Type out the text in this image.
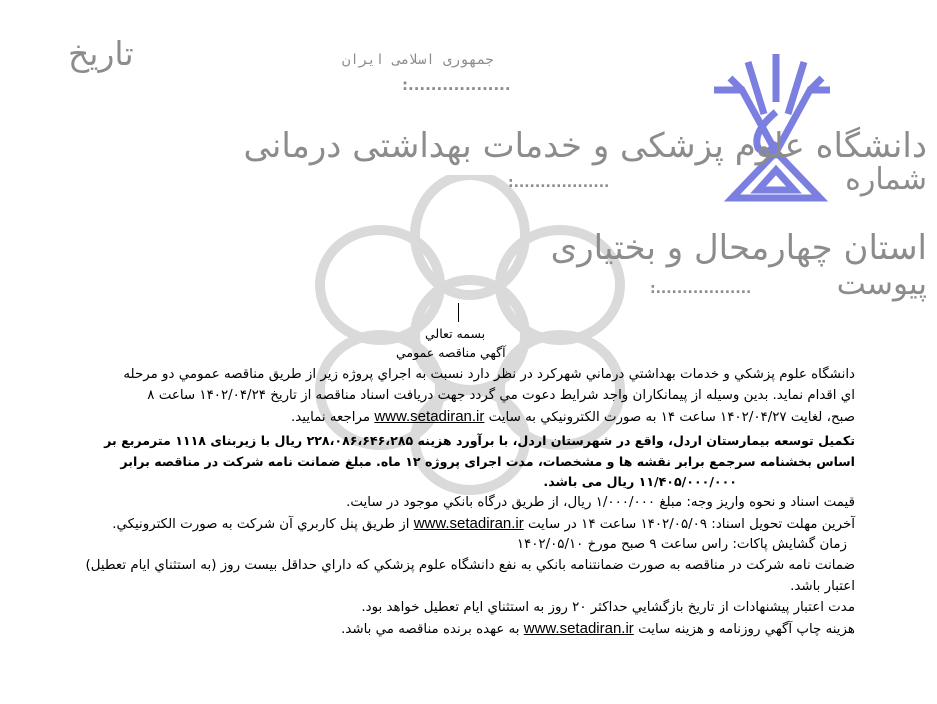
تاريخ	جمهوری اسلامی ایران
..................:
دانشگاه علوم پزشکی و خدمات بهداشتی درمانی
شماره
..................:
استان چهارمحال و بختیاری
پیوست
..................:
بسمه تعالي
آگهي مناقصه عمومي
دانشگاه علوم پزشكي و خدمات بهداشتي درماني شهركرد در نظر دارد نسبت به اجراي پروژه زير از طريق مناقصه عمومي دو مرحله
اي اقدام نمايد. بدين وسيله از پيمانكاران واجد شرايط دعوت مي گردد جهت دريافت اسناد مناقصه از تاريخ ۱۴۰۲/۰۴/۲۴ ساعت ۸
صبح، لغايت ۱۴۰۲/۰۴/۲۷ ساعت ۱۴ به صورت الكترونيكي به سايت www.setadiran.ir مراجعه نماييد.
تکمیل توسعه بیمارستان اردل، واقع در شهرستان اردل، با برآورد هزینه ۲۲۸،۰۸۶،۶۴۶،۲۸۵ ریال با زیربنای ۱۱۱۸ مترمربع بر
اساس بخشنامه سرجمع برابر نقشه ها و مشخصات، مدت اجرای پروژه ۱۲ ماه. مبلغ ضمانت نامه شرکت در مناقصه برابر
۱۱/۴۰۵/۰۰۰/۰۰۰ ریال می باشد.
قيمت اسناد و نحوه واريز وجه: مبلغ ۱/۰۰۰/۰۰۰ ريال، از طريق درگاه بانكي موجود در سايت.
آخرين مهلت تحويل اسناد: ۱۴۰۲/۰۵/۰۹ ساعت ۱۴ در سايت www.setadiran.ir از طريق پنل كاربري آن شركت به صورت الكترونيكي.
زمان گشايش پاكات: راس ساعت ۹ صبح مورخ ۱۴۰۲/۰۵/۱۰
ضمانت نامه شركت در مناقصه به صورت ضمانتنامه بانكي به نفع دانشگاه علوم پزشكي كه داراي حداقل بيست روز (به استثناي ايام تعطيل)
اعتبار باشد.
مدت اعتبار پيشنهادات از تاريخ بازگشايي حداكثر ۲۰ روز به استثناي ايام تعطيل خواهد بود.
هزينه چاپ آگهي روزنامه و هزينه سايت www.setadiran.ir به عهده برنده مناقصه مي باشد.
